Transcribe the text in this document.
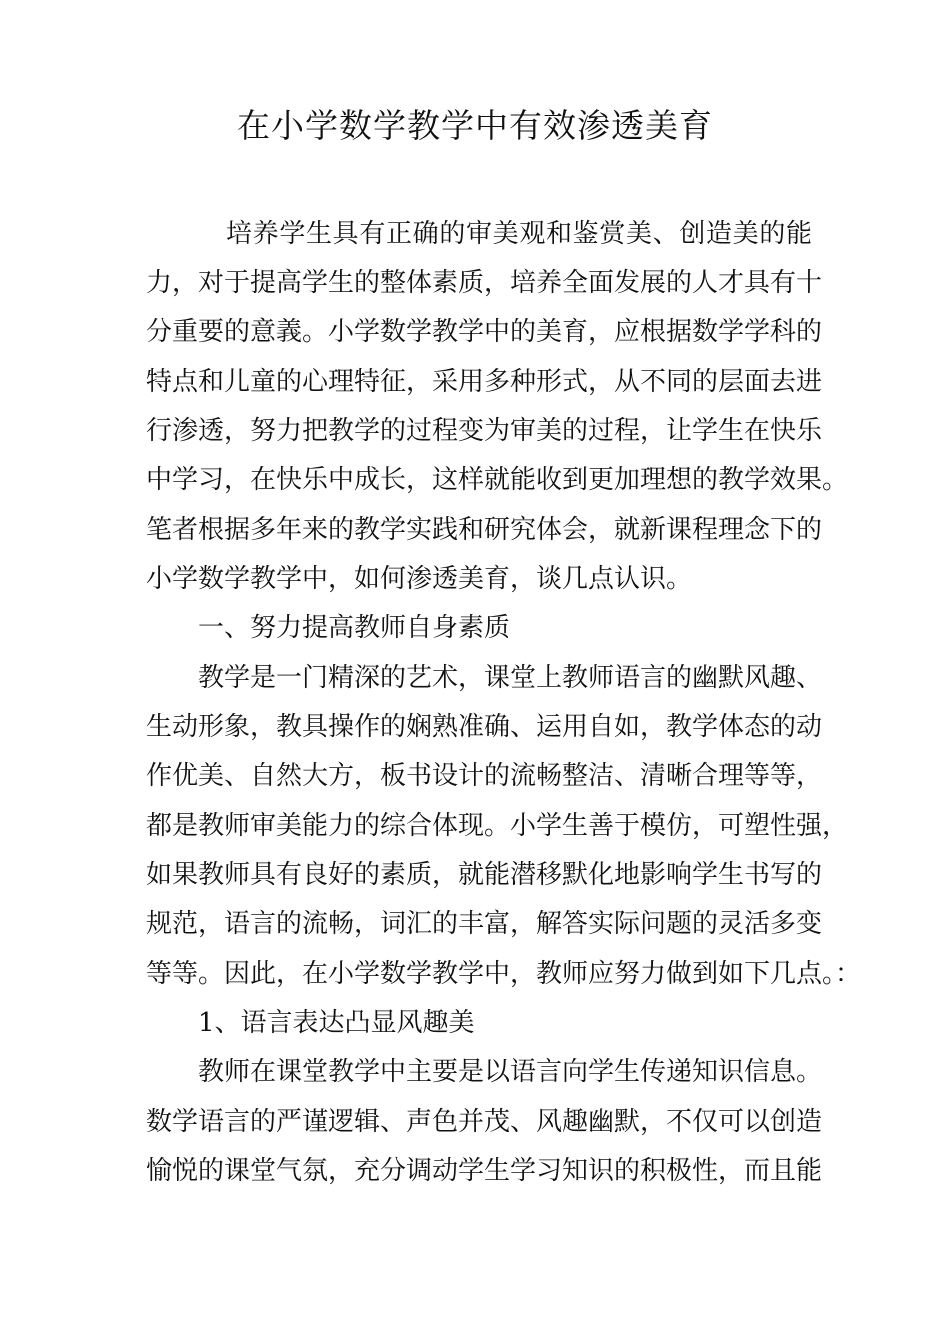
在小学数学教学中有效渗透美育

　　　培养学生具有正确的审美观和鉴赏美、创造美的能

力，对于提高学生的整体素质，培养全面发展的人才具有十

分重要的意義。小学数学教学中的美育，应根据数学学科的

特点和儿童的心理特征，采用多种形式，从不同的层面去进

行渗透，努力把教学的过程变为审美的过程，让学生在快乐

中学习，在快乐中成长，这样就能收到更加理想的教学效果。

笔者根据多年来的教学实践和研究体会，就新课程理念下的

小学数学教学中，如何渗透美育，谈几点认识。

　　一、努力提高教师自身素质

　　教学是一门精深的艺术，课堂上教师语言的幽默风趣、

生动形象，教具操作的娴熟准确、运用自如，教学体态的动

作优美、自然大方，板书设计的流畅整洁、清晰合理等等，

都是教师审美能力的综合体现。小学生善于模仿，可塑性强，

如果教师具有良好的素质，就能潜移默化地影响学生书写的

规范，语言的流畅，词汇的丰富，解答实际问题的灵活多变

等等。因此，在小学数学教学中，教师应努力做到如下几点。：

　　1、语言表达凸显风趣美

　　教师在课堂教学中主要是以语言向学生传递知识信息。

数学语言的严谨逻辑、声色并茂、风趣幽默，不仅可以创造

愉悦的课堂气氛，充分调动学生学习知识的积极性，而且能
